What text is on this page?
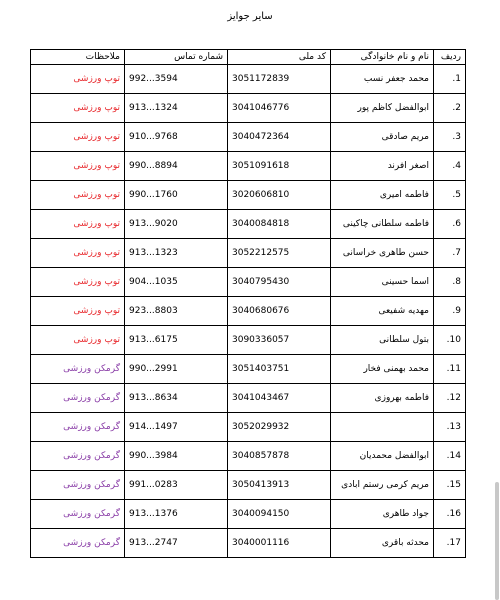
سایر جوایز
ردیف	نام و نام خانوادگی	کد ملی	شماره تماس	ملاحظات
.1	محمد جعفر نسب	3051172839	992...3594	توپ ورزشی
.2	ابوالفضل کاظم پور	3041046776	913...1324	توپ ورزشی
.3	مریم صادقی	3040472364	910...9768	توپ ورزشی
.4	اصغر افرند	3051091618	990...8894	توپ ورزشی
.5	فاطمه امیری	3020606810	990...1760	توپ ورزشی
.6	فاطمه سلطانی چاکینی	3040084818	913...9020	توپ ورزشی
.7	حسن طاهری خراسانی	3052212575	913...1323	توپ ورزشی
.8	اسما حسینی	3040795430	904...1035	توپ ورزشی
.9	مهدیه شفیعی	3040680676	923...8803	توپ ورزشی
.10	بتول سلطانی	3090336057	913...6175	توپ ورزشی
.11	محمد بهمنی فخار	3051403751	990...2991	گرمکن ورزشی
.12	فاطمه بهروزی	3041043467	913...8634	گرمکن ورزشی
.13		3052029932	914...1497	گرمکن ورزشی
.14	ابوالفضل محمدیان	3040857878	990...3984	گرمکن ورزشی
.15	مریم کرمی رستم ابادی	3050413913	991...0283	گرمکن ورزشی
.16	جواد طاهری	3040094150	913...1376	گرمکن ورزشی
.17	محدثه باقری	3040001116	913...2747	گرمکن ورزشی
